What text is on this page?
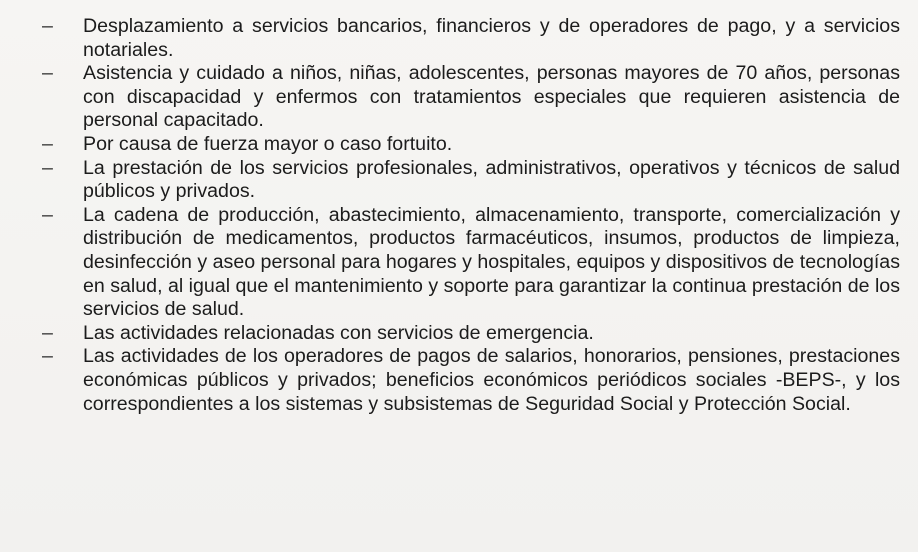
–	Desplazamiento a servicios bancarios, financieros y de operadores de pago, y a servicios notariales.
–	Asistencia y cuidado a niños, niñas, adolescentes, personas mayores de 70 años, personas con discapacidad y enfermos con tratamientos especiales que requieren asistencia de personal capacitado.
–	Por causa de fuerza mayor o caso fortuito.
–	La prestación de los servicios profesionales, administrativos, operativos y técnicos de salud públicos y privados.
–	La cadena de producción, abastecimiento, almacenamiento, transporte, comercialización y distribución de medicamentos, productos farmacéuticos, insumos, productos de limpieza, desinfección y aseo personal para hogares y hospitales, equipos y dispositivos de tecnologías en salud, al igual que el mantenimiento y soporte para garantizar la continua prestación de los servicios de salud.
–	Las actividades relacionadas con servicios de emergencia.
–	Las actividades de los operadores de pagos de salarios, honorarios, pensiones, prestaciones económicas públicos y privados; beneficios económicos periódicos sociales -BEPS-, y los correspondientes a los sistemas y subsistemas de Seguridad Social y Protección Social.
